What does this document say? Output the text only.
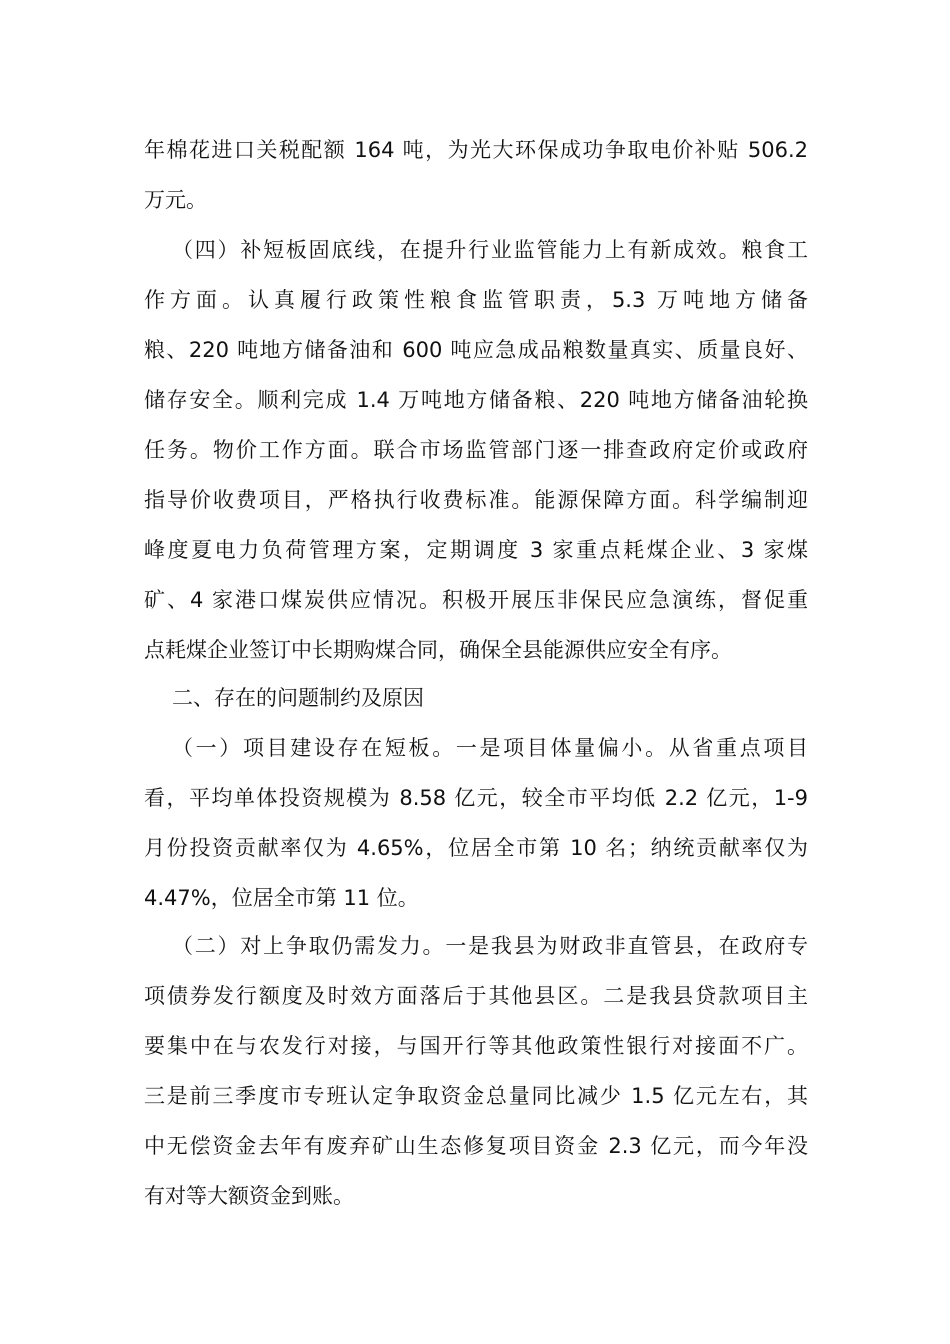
年棉花进口关税配额 164 吨，为光大环保成功争取电价补贴 506.2
万元。
（四）补短板固底线，在提升行业监管能力上有新成效。粮食工
作方面。认真履行政策性粮食监管职责，5.3 万吨地方储备
粮、220 吨地方储备油和 600 吨应急成品粮数量真实、质量良好、
储存安全。顺利完成 1.4 万吨地方储备粮、220 吨地方储备油轮换
任务。物价工作方面。联合市场监管部门逐一排查政府定价或政府
指导价收费项目，严格执行收费标准。能源保障方面。科学编制迎
峰度夏电力负荷管理方案，定期调度 3 家重点耗煤企业、3 家煤
矿、4 家港口煤炭供应情况。积极开展压非保民应急演练，督促重
点耗煤企业签订中长期购煤合同，确保全县能源供应安全有序。
二、存在的问题制约及原因
（一）项目建设存在短板。一是项目体量偏小。从省重点项目
看，平均单体投资规模为 8.58 亿元，较全市平均低 2.2 亿元，1-9
月份投资贡献率仅为 4.65%，位居全市第 10 名；纳统贡献率仅为
4.47%，位居全市第 11 位。
（二）对上争取仍需发力。一是我县为财政非直管县，在政府专
项债券发行额度及时效方面落后于其他县区。二是我县贷款项目主
要集中在与农发行对接，与国开行等其他政策性银行对接面不广。
三是前三季度市专班认定争取资金总量同比减少 1.5 亿元左右，其
中无偿资金去年有废弃矿山生态修复项目资金 2.3 亿元，而今年没
有对等大额资金到账。
